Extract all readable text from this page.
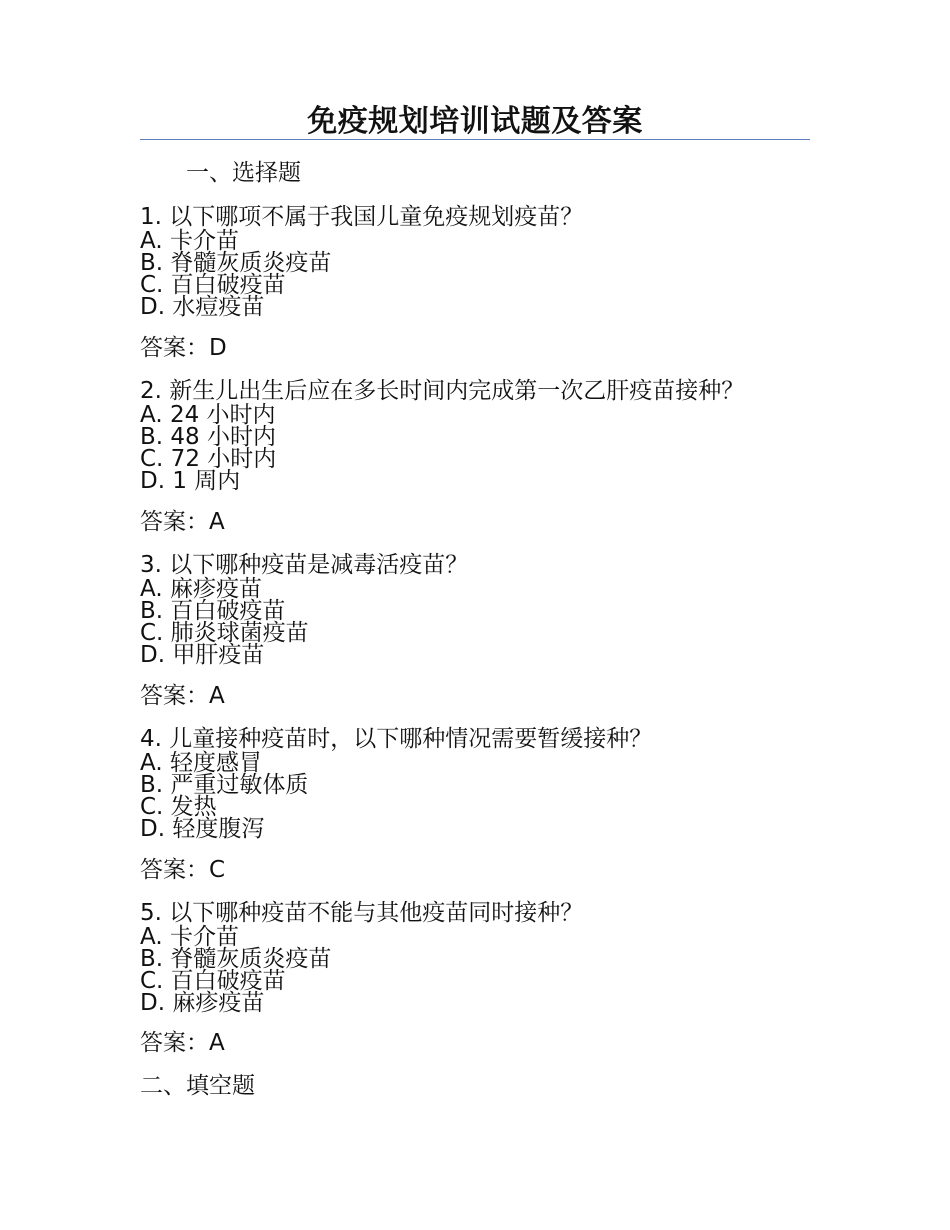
免疫规划培训试题及答案
一、选择题
1. 以下哪项不属于我国儿童免疫规划疫苗？
A. 卡介苗
B. 脊髓灰质炎疫苗
C. 百白破疫苗
D. 水痘疫苗
答案：D
2. 新生儿出生后应在多长时间内完成第一次乙肝疫苗接种？
A. 24 小时内
B. 48 小时内
C. 72 小时内
D. 1 周内
答案：A
3. 以下哪种疫苗是减毒活疫苗？
A. 麻疹疫苗
B. 百白破疫苗
C. 肺炎球菌疫苗
D. 甲肝疫苗
答案：A
4. 儿童接种疫苗时，以下哪种情况需要暂缓接种？
A. 轻度感冒
B. 严重过敏体质
C. 发热
D. 轻度腹泻
答案：C
5. 以下哪种疫苗不能与其他疫苗同时接种？
A. 卡介苗
B. 脊髓灰质炎疫苗
C. 百白破疫苗
D. 麻疹疫苗
答案：A
二、填空题
